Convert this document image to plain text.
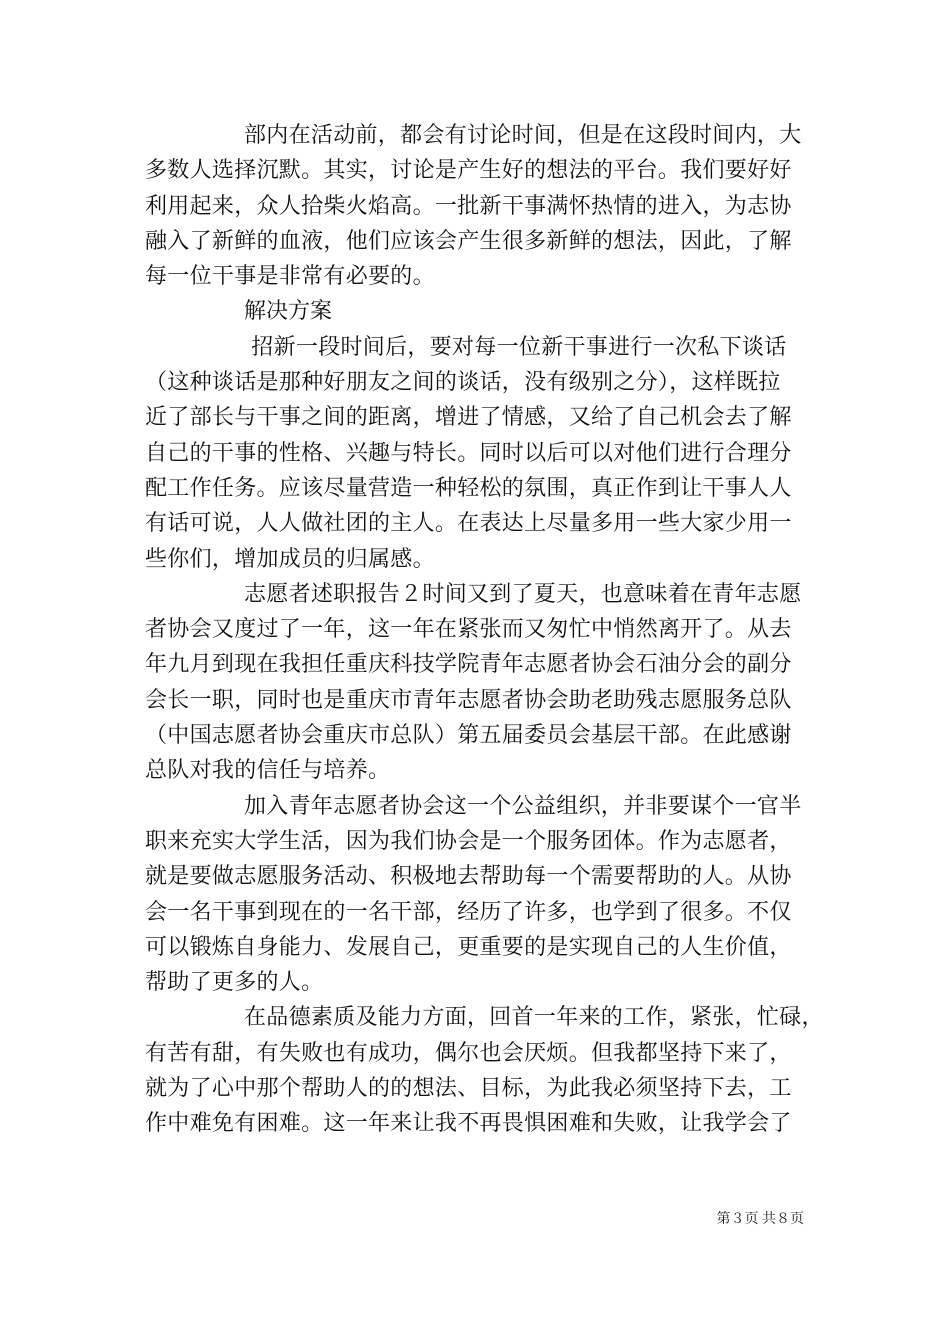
部内在活动前，都会有讨论时间，但是在这段时间内，大
多数人选择沉默。其实，讨论是产生好的想法的平台。我们要好好
利用起来，众人拾柴火焰高。一批新干事满怀热情的进入，为志协
融入了新鲜的血液，他们应该会产生很多新鲜的想法，因此，了解
每一位干事是非常有必要的。

解决方案

招新一段时间后，要对每一位新干事进行一次私下谈话
（这种谈话是那种好朋友之间的谈话，没有级别之分），这样既拉
近了部长与干事之间的距离，增进了情感，又给了自己机会去了解
自己的干事的性格、兴趣与特长。同时以后可以对他们进行合理分
配工作任务。应该尽量营造一种轻松的氛围，真正作到让干事人人
有话可说，人人做社团的主人。在表达上尽量多用一些大家少用一
些你们，增加成员的归属感。

志愿者述职报告２时间又到了夏天，也意味着在青年志愿
者协会又度过了一年，这一年在紧张而又匆忙中悄然离开了。从去
年九月到现在我担任重庆科技学院青年志愿者协会石油分会的副分
会长一职，同时也是重庆市青年志愿者协会助老助残志愿服务总队
（中国志愿者协会重庆市总队）第五届委员会基层干部。在此感谢
总队对我的信任与培养。

加入青年志愿者协会这一个公益组织，并非要谋个一官半
职来充实大学生活，因为我们协会是一个服务团体。作为志愿者，
就是要做志愿服务活动、积极地去帮助每一个需要帮助的人。从协
会一名干事到现在的一名干部，经历了许多，也学到了很多。不仅
可以锻炼自身能力、发展自己，更重要的是实现自己的人生价值，
帮助了更多的人。

在品德素质及能力方面，回首一年来的工作，紧张，忙碌，
有苦有甜，有失败也有成功，偶尔也会厌烦。但我都坚持下来了，
就为了心中那个帮助人的的想法、目标，为此我必须坚持下去，工
作中难免有困难。这一年来让我不再畏惧困难和失败，让我学会了

第３页 共８页
